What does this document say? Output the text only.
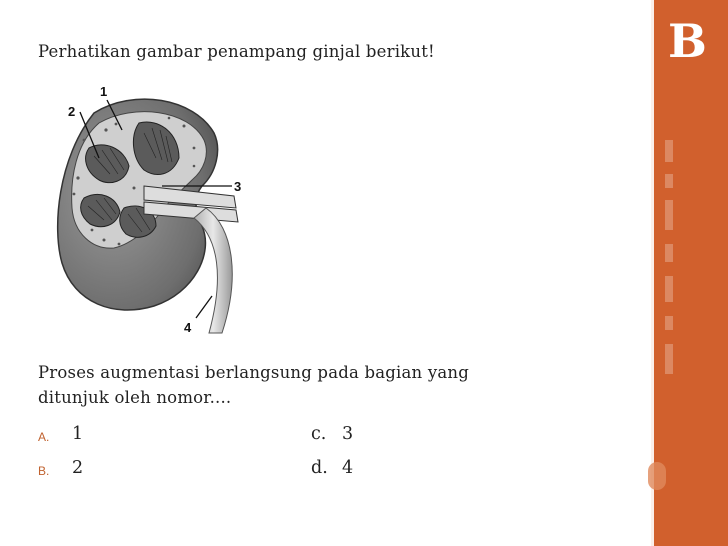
B
Perhatikan gambar penampang ginjal berikut!
1
2
3
4
Proses augmentasi berlangsung pada bagian yang
ditunjuk oleh nomor....
A. 1
B. 2
c. 3
d. 4
